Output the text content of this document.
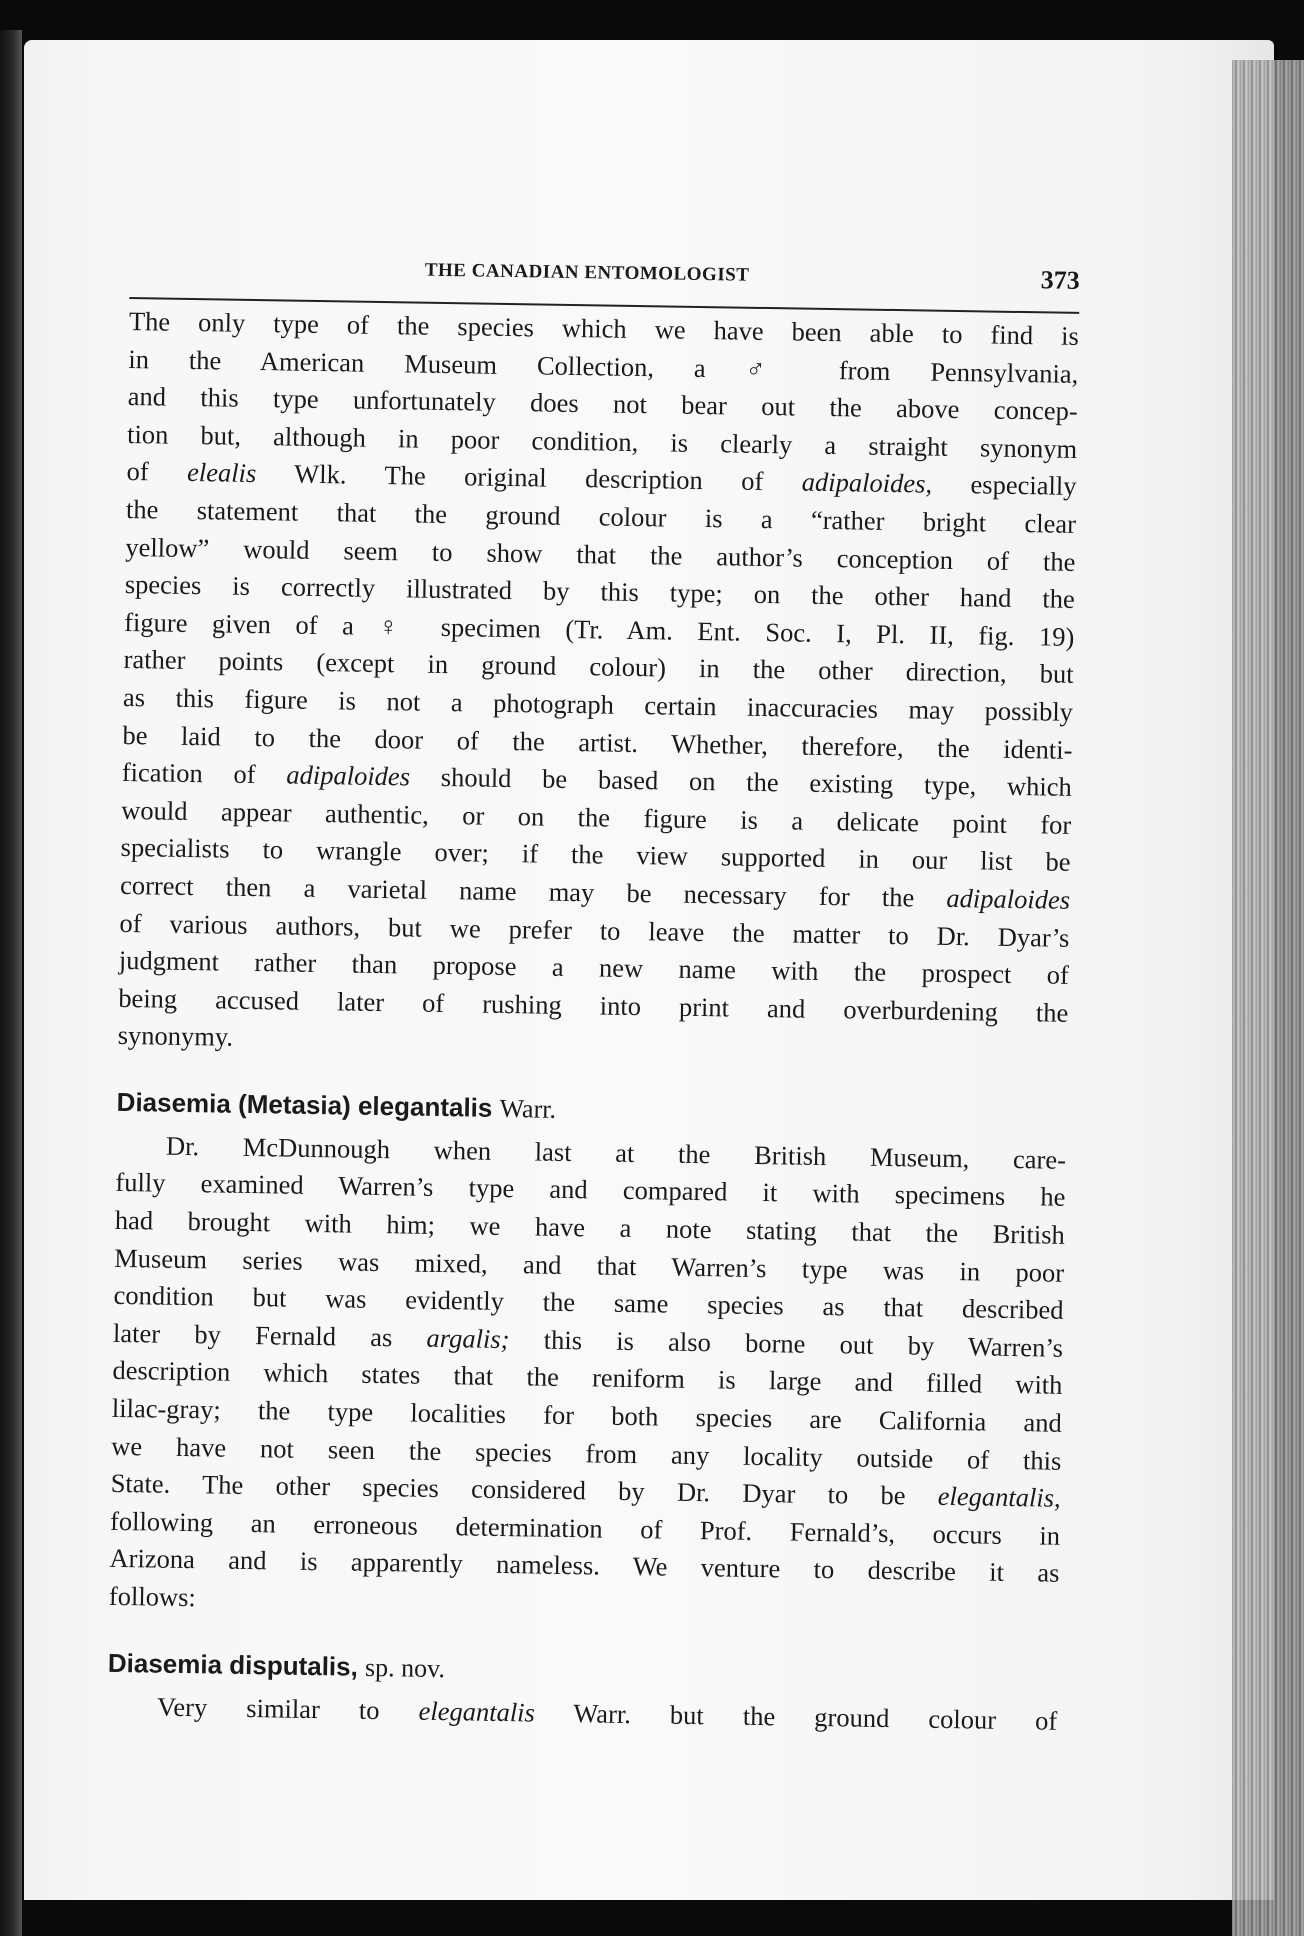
THE CANADIAN ENTOMOLOGIST	373
The only type of the species which we have been able to find is
in the American Museum Collection, a ♂ from Pennsylvania,
and this type unfortunately does not bear out the above concep-
tion but, although in poor condition, is clearly a straight synonym
of elealis Wlk. The original description of adipaloides, especially
the statement that the ground colour is a “rather bright clear
yellow” would seem to show that the author’s conception of the
species is correctly illustrated by this type; on the other hand the
figure given of a ♀ specimen (Tr. Am. Ent. Soc. I, Pl. II, fig. 19)
rather points (except in ground colour) in the other direction, but
as this figure is not a photograph certain inaccuracies may possibly
be laid to the door of the artist. Whether, therefore, the identi-
fication of adipaloides should be based on the existing type, which
would appear authentic, or on the figure is a delicate point for
specialists to wrangle over; if the view supported in our list be
correct then a varietal name may be necessary for the adipaloides
of various authors, but we prefer to leave the matter to Dr. Dyar’s
judgment rather than propose a new name with the prospect of
being accused later of rushing into print and overburdening the
synonymy.
Diasemia (Metasia) elegantalis Warr.
Dr. McDunnough when last at the British Museum, care-
fully examined Warren’s type and compared it with specimens he
had brought with him; we have a note stating that the British
Museum series was mixed, and that Warren’s type was in poor
condition but was evidently the same species as that described
later by Fernald as argalis; this is also borne out by Warren’s
description which states that the reniform is large and filled with
lilac-gray; the type localities for both species are California and
we have not seen the species from any locality outside of this
State. The other species considered by Dr. Dyar to be elegantalis,
following an erroneous determination of Prof. Fernald’s, occurs in
Arizona and is apparently nameless. We venture to describe it as
follows:
Diasemia disputalis, sp. nov.
Very similar to elegantalis Warr. but the ground colour of
